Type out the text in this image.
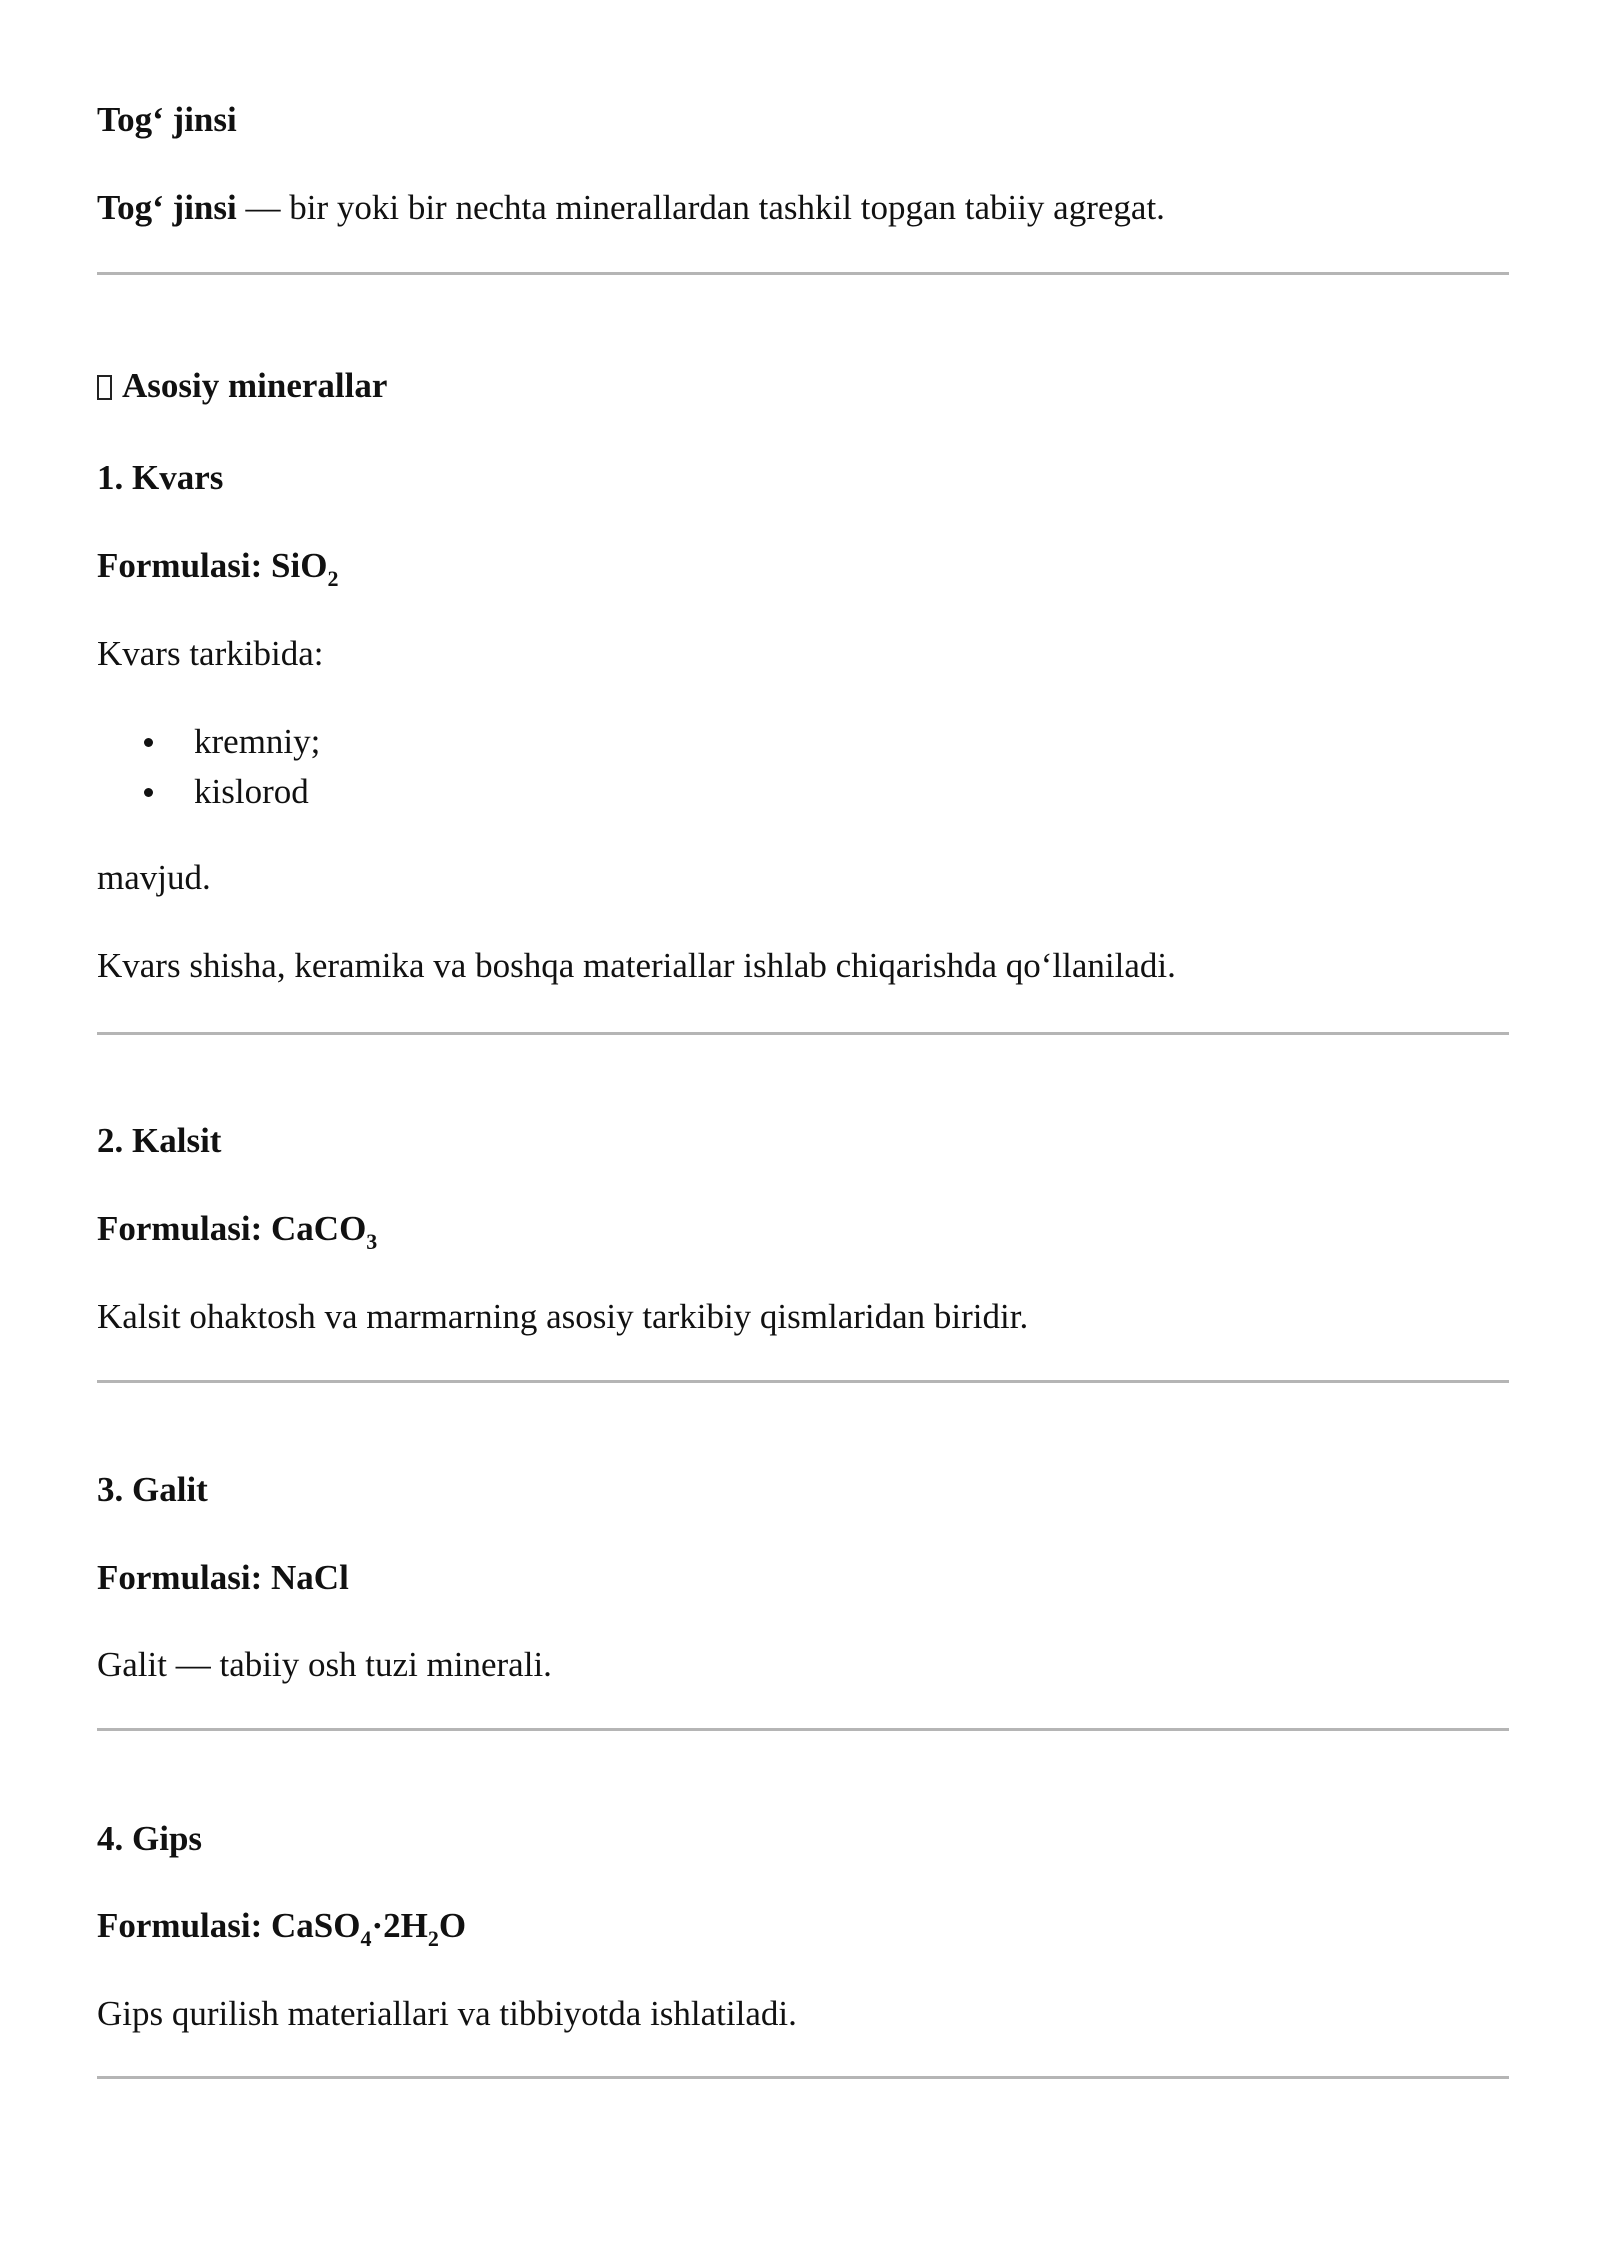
Tog‘ jinsi

Tog‘ jinsi — bir yoki bir nechta minerallardan tashkil topgan tabiiy agregat.

Asosiy minerallar

1. Kvars

Formulasi: SiO$_2$

Kvars tarkibida:

kremniy;
kislorod

mavjud.

Kvars shisha, keramika va boshqa materiallar ishlab chiqarishda qo‘llaniladi.

2. Kalsit

Formulasi: CaCO$_3$

Kalsit ohaktosh va marmarning asosiy tarkibiy qismlaridan biridir.

3. Galit

Formulasi: NaCl

Galit — tabiiy osh tuzi minerali.

4. Gips

Formulasi: $CaSO_4\cdot 2H_2O$

Gips qurilish materiallari va tibbiyotda ishlatiladi.
